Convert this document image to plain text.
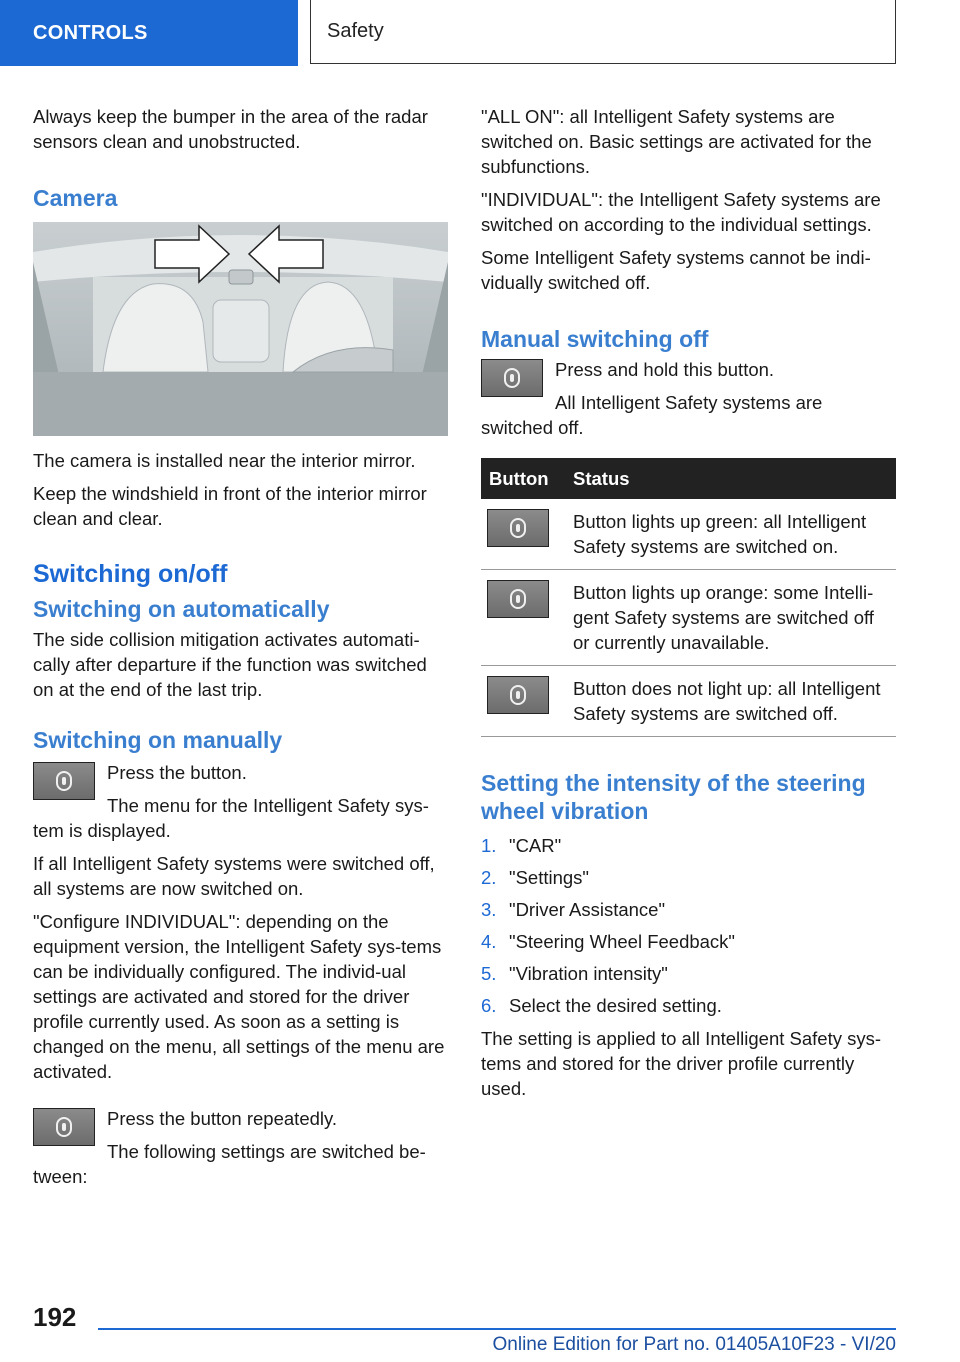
CONTROLS	Safety

Always keep the bumper in the area of the radar sensors clean and unobstructed.

Camera

The camera is installed near the interior mirror.

Keep the windshield in front of the interior mirror clean and clear.

Switching on/off
Switching on automatically

The side collision mitigation activates automati‐cally after departure if the function was switched on at the end of the last trip.

Switching on manually

Press the button.

The menu for the Intelligent Safety sys‐tem is displayed.

If all Intelligent Safety systems were switched off, all systems are now switched on.

"Configure INDIVIDUAL": depending on the equipment version, the Intelligent Safety sys‐tems can be individually configured. The individ‐ual settings are activated and stored for the driver profile currently used. As soon as a setting is changed on the menu, all settings of the menu are activated.

Press the button repeatedly.

The following settings are switched be‐tween:

"ALL ON": all Intelligent Safety systems are switched on. Basic settings are activated for the subfunctions.

"INDIVIDUAL": the Intelligent Safety systems are switched on according to the individual settings.

Some Intelligent Safety systems cannot be indi‐vidually switched off.

Manual switching off

Press and hold this button.

All Intelligent Safety systems are switched off.

Button	Status

	Button lights up green: all Intelligent Safety systems are switched on.

	Button lights up orange: some Intelli‐gent Safety systems are switched off or currently unavailable.

	Button does not light up: all Intelligent Safety systems are switched off.
Setting the intensity of the steering wheel vibration
1. "CAR"
2. "Settings"
3. "Driver Assistance"
4. "Steering Wheel Feedback"
5. "Vibration intensity"
6. Select the desired setting.

The setting is applied to all Intelligent Safety sys‐tems and stored for the driver profile currently used.

192
Online Edition for Part no. 01405A10F23 - VI/20
